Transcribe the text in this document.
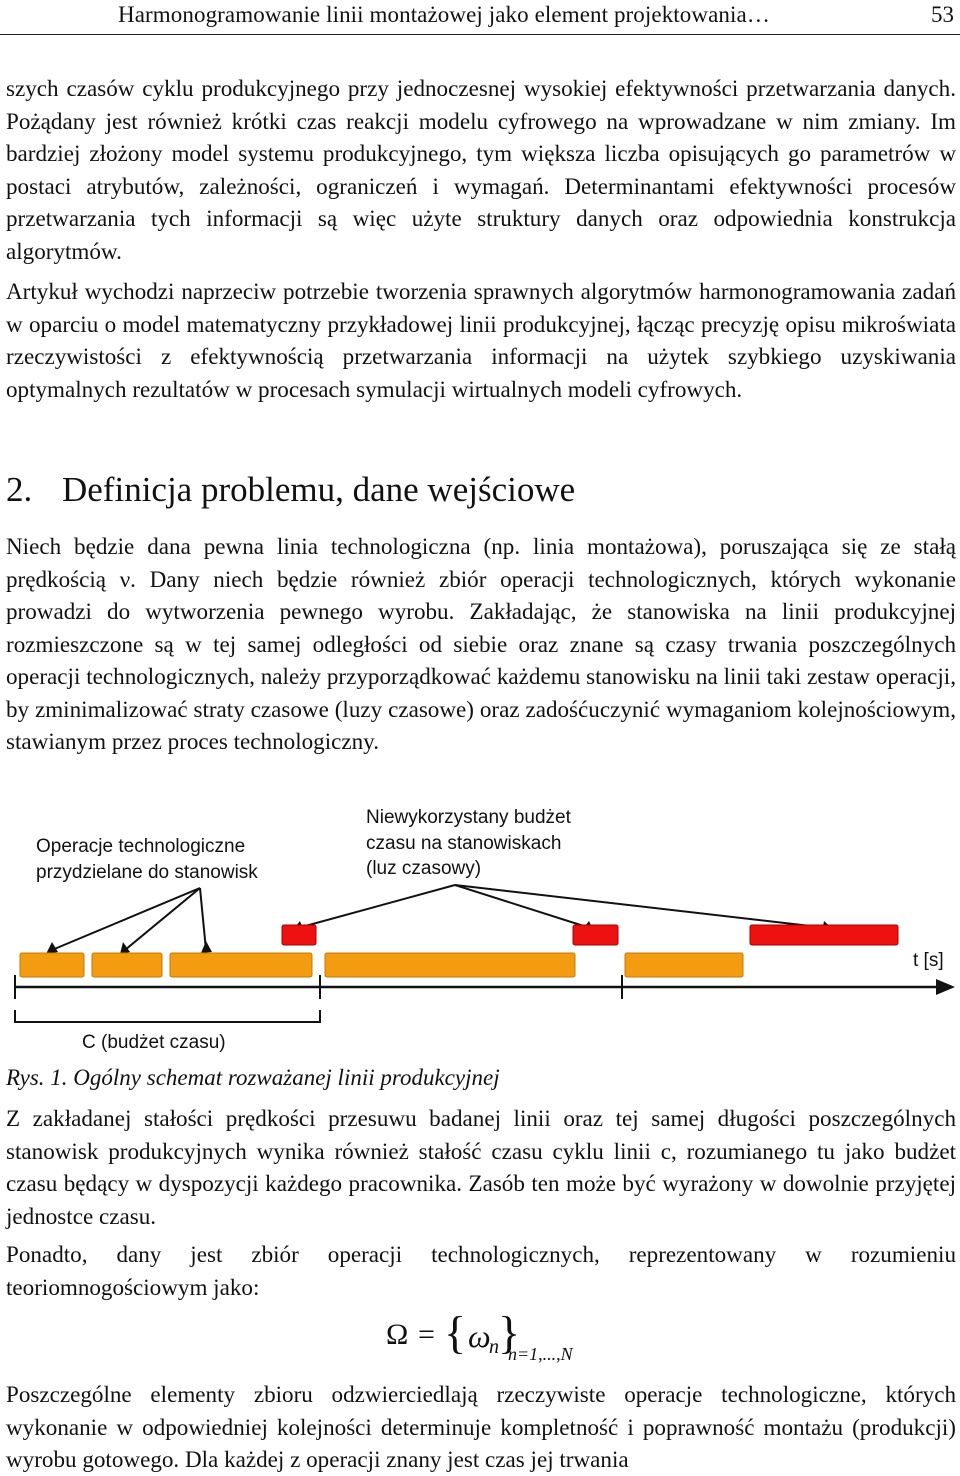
Harmonogramowanie linii montażowej jako element projektowania…	53

szych czasów cyklu produkcyjnego przy jednoczesnej wysokiej efektywności przetwarzania danych. Pożądany jest również krótki czas reakcji modelu cyfrowego na wprowadzane w nim zmiany. Im bardziej złożony model systemu produkcyjnego, tym większa liczba opisujących go parametrów w postaci atrybutów, zależności, ograniczeń i wymagań. Determinantami efektywności procesów przetwarzania tych informacji są więc użyte struktury danych oraz odpowiednia konstrukcja algorytmów.

Artykuł wychodzi naprzeciw potrzebie tworzenia sprawnych algorytmów harmonogramowania zadań w oparciu o model matematyczny przykładowej linii produkcyjnej, łącząc precyzję opisu mikroświata rzeczywistości z efektywnością przetwarzania informacji na użytek szybkiego uzyskiwania optymalnych rezultatów w procesach symulacji wirtualnych modeli cyfrowych.

2. Definicja problemu, dane wejściowe

Niech będzie dana pewna linia technologiczna (np. linia montażowa), poruszająca się ze stałą prędkością ν. Dany niech będzie również zbiór operacji technologicznych, których wykonanie prowadzi do wytworzenia pewnego wyrobu. Zakładając, że stanowiska na linii produkcyjnej rozmieszczone są w tej samej odległości od siebie oraz znane są czasy trwania poszczególnych operacji technologicznych, należy przyporządkować każdemu stanowisku na linii taki zestaw operacji, by zminimalizować straty czasowe (luzy czasowe) oraz zadośćuczynić wymaganiom kolejnościowym, stawianym przez proces technologiczny.

Operacje technologiczne
przydzielane do stanowisk
Niewykorzystany budżet
czasu na stanowiskach
(luz czasowy)
t [s]
C (budżet czasu)
Rys. 1. Ogólny schemat rozważanej linii produkcyjnej

Z zakładanej stałości prędkości przesuwu badanej linii oraz tej samej długości poszczególnych stanowisk produkcyjnych wynika również stałość czasu cyklu linii c, rozumianego tu jako budżet czasu będący w dyspozycji każdego pracownika. Zasób ten może być wyrażony w dowolnie przyjętej jednostce czasu.

Ponadto, dany jest zbiór operacji technologicznych, reprezentowany w rozumieniu teoriomnogościowym jako:

Ω = { ω
n }
n=1,...,N

Poszczególne elementy zbioru odzwierciedlają rzeczywiste operacje technologiczne, których wykonanie w odpowiedniej kolejności determinuje kompletność i poprawność montażu (produkcji) wyrobu gotowego. Dla każdej z operacji znany jest czas jej trwania
